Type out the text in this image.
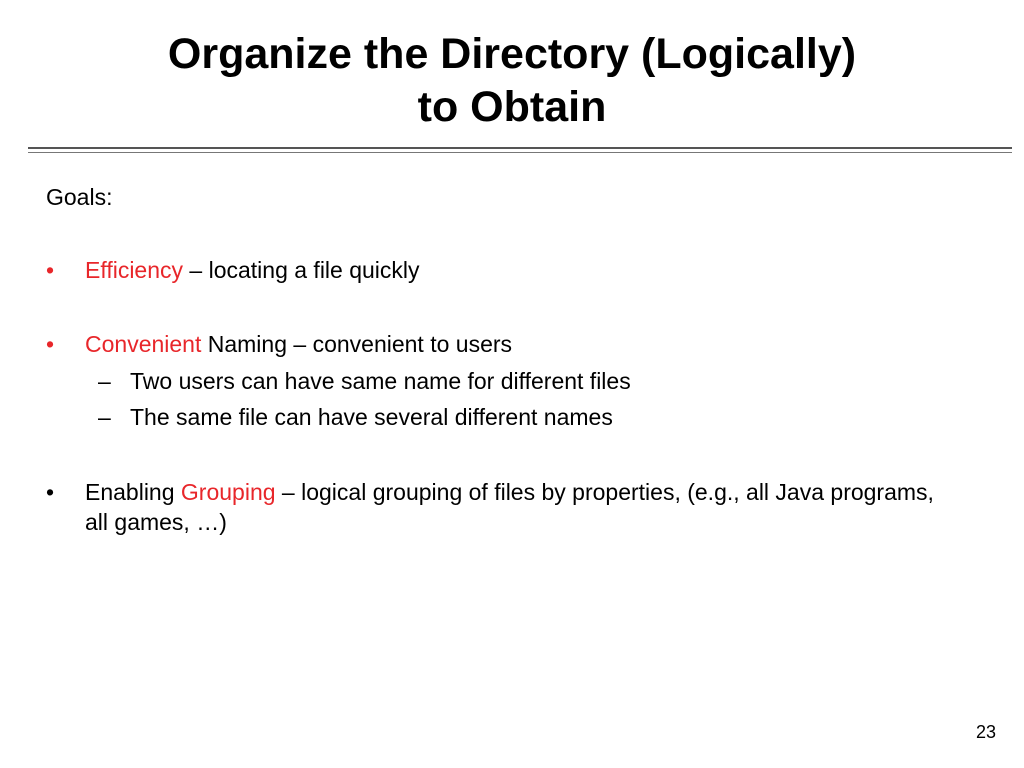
Organize the Directory (Logically)
to Obtain
Goals:
•	Efficiency – locating a file quickly
•	Convenient Naming – convenient to users
– Two users can have same name for different files
– The same file can have several different names
•	Enabling Grouping – logical grouping of files by properties, (e.g., all Java programs, all games, …)
23
